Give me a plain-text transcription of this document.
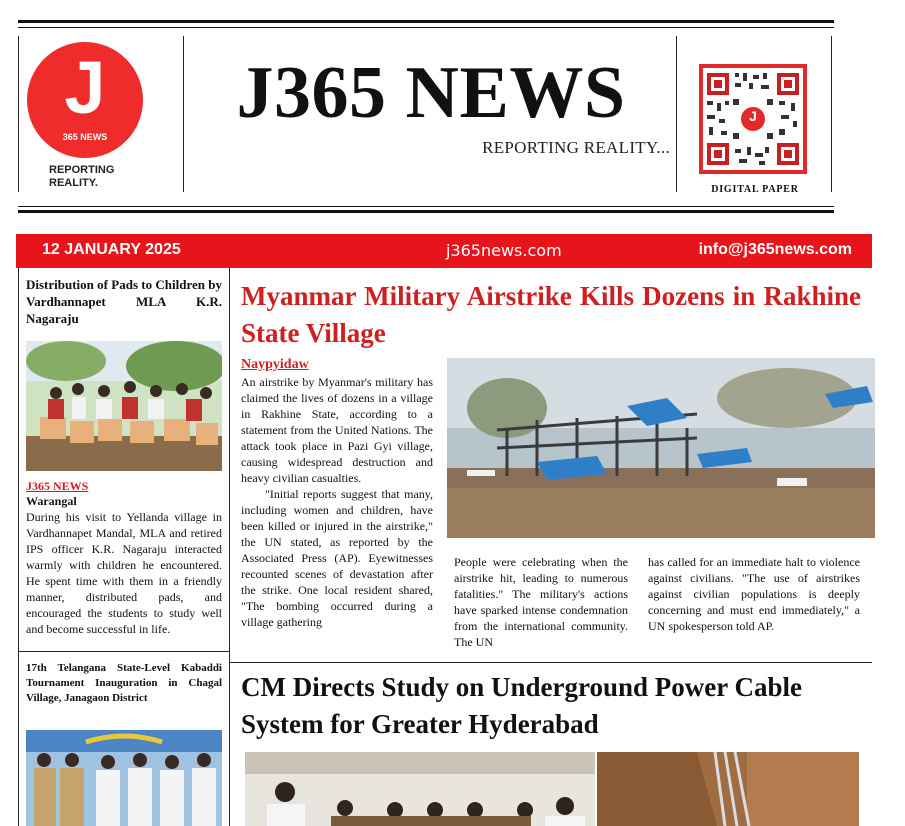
J
365 NEWS
REPORTING
REALITY.
J365 NEWS
REPORTING REALITY...
J
DIGITAL PAPER
12 JANUARY 2025	j365news.com	info@j365news.com
Distribution of Pads to Children by Vardhannapet MLA K.R. Nagaraju
J365 NEWS
Warangal
During his visit to Yellanda village in Vardhannapet Mandal, MLA and retired IPS officer K.R. Nagaraju interacted warmly with children he encountered. He spent time with them in a friendly manner, distributed pads, and encouraged the students to study well and become successful in life.
17th Telangana State-Level Kabaddi Tournament Inauguration in Chagal Village, Janagaon District
Myanmar Military Airstrike Kills Dozens in Rakhine State Village
Naypyidaw
An airstrike by Myanmar's military has claimed the lives of dozens in a village in Rakhine State, according to a statement from the United Nations. The attack took place in Pazi Gyi village, causing widespread destruction and heavy civilian casualties.
"Initial reports suggest that many, including women and children, have been killed or injured in the airstrike," the UN stated, as reported by the Associated Press (AP). Eyewitnesses recounted scenes of devastation after the strike. One local resident shared, "The bombing occurred during a village gathering
People were celebrating when the airstrike hit, leading to numerous fatalities." The military's actions have sparked intense condemnation from the international community. The UN
has called for an immediate halt to violence against civilians. "The use of airstrikes against civilian populations is deeply concerning and must end immediately," a UN spokesperson told AP.
CM Directs Study on Underground Power Cable System for Greater Hyderabad
